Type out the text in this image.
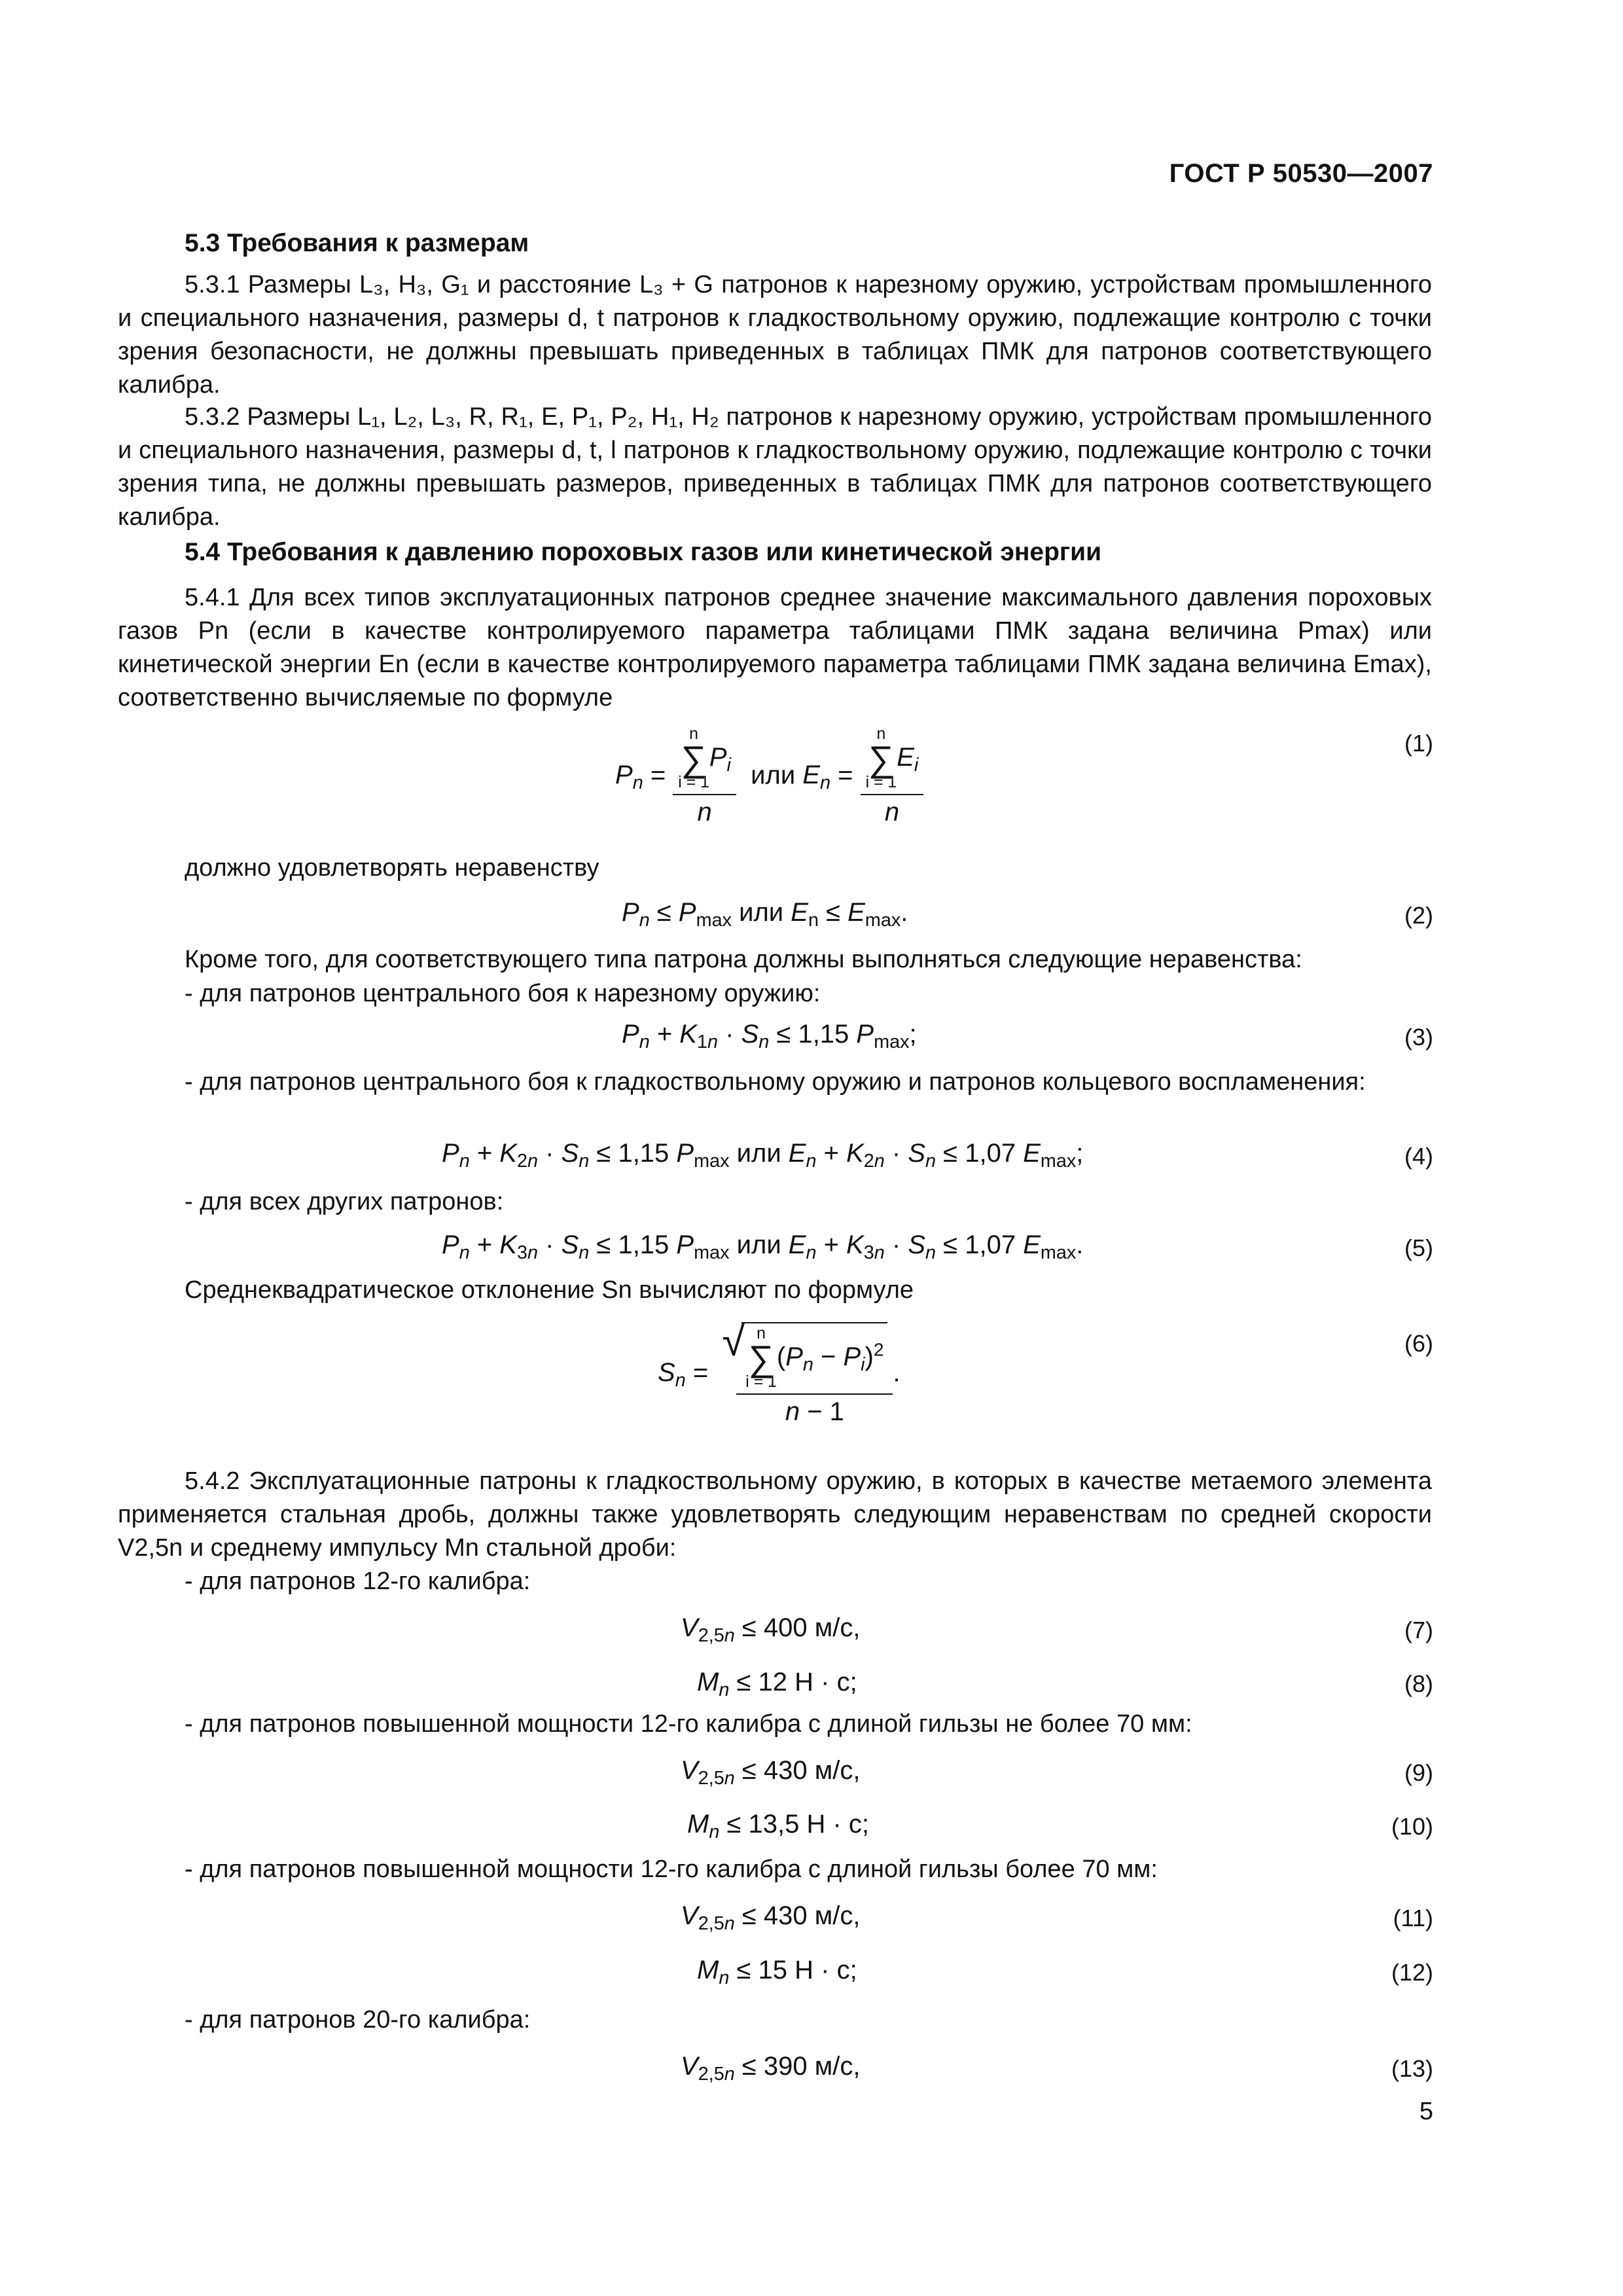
ГОСТ Р 50530—2007
5.3 Требования к размерам
5.3.1 Размеры L₃, H₃, G₁ и расстояние L₃ + G патронов к нарезному оружию, устройствам промышленного и специального назначения, размеры d, t патронов к гладкоствольному оружию, подлежащие контролю с точки зрения безопасности, не должны превышать приведенных в таблицах ПМК для патронов соответствующего калибра.
5.3.2 Размеры L₁, L₂, L₃, R, R₁, E, P₁, P₂, H₁, H₂ патронов к нарезному оружию, устройствам промышленного и специального назначения, размеры d, t, l патронов к гладкоствольному оружию, подлежащие контролю с точки зрения типа, не должны превышать размеров, приведенных в таблицах ПМК для патронов соответствующего калибра.
5.4 Требования к давлению пороховых газов или кинетической энергии
5.4.1 Для всех типов эксплуатационных патронов среднее значение максимального давления пороховых газов Pn (если в качестве контролируемого параметра таблицами ПМК задана величина Pmax) или кинетической энергии En (если в качестве контролируемого параметра таблицами ПМК задана величина Emax), соответственно вычисляемые по формуле
$P_n = n$
∑
i = 1
$P_i$
n или $E_n = n$
∑
i = 1
$E_i$
n	(1)
должно удовлетворять неравенству
$P_n \le P_{max}$ или $E_n \le E_{max}$.	(2)
Кроме того, для соответствующего типа патрона должны выполняться следующие неравенства:
- для патронов центрального боя к нарезному оружию:
$P_n + K_{1n} \cdot S_n \le 1,15$ $P_{max}$;	(3)
- для патронов центрального боя к гладкоствольному оружию и патронов кольцевого воспламенения:
$P_n + K_{2n} \cdot S_n \le 1,15$ $P_{max}$ или $E_n + K_{2n} \cdot S_n \le 1,07$ $E_{max}$;	(4)
- для всех других патронов:
$P_n + K_{3n} \cdot S_n \le 1,15$ $P_{max}$ или $E_n + K_{3n} \cdot S_n \le 1,07$ $E_{max}$.	(5)
Среднеквадратическое отклонение Sn вычисляют по формуле
$S_n$ =
√ n
∑
i = 1
$(P_n - P_i)^2$
n − 1 .
(6)
5.4.2 Эксплуатационные патроны к гладкоствольному оружию, в которых в качестве метаемого элемента применяется стальная дробь, должны также удовлетворять следующим неравенствам по средней скорости V2,5n и среднему импульсу Mn стальной дроби:
- для патронов 12-го калибра:
$V_{2,5n} \le 400$ м/с,	(7)
$M_n \le 12$ Н · с;	(8)
- для патронов повышенной мощности 12-го калибра с длиной гильзы не более 70 мм:
$V_{2,5n} \le 430$ м/с,	(9)
$M_n \le 13,5$ Н · с;	(10)
- для патронов повышенной мощности 12-го калибра с длиной гильзы более 70 мм:
$V_{2,5n} \le 430$ м/с,	(11)
$M_n \le 15$ Н · с;	(12)
- для патронов 20-го калибра:
$V_{2,5n} \le 390$ м/с,	(13)
5
